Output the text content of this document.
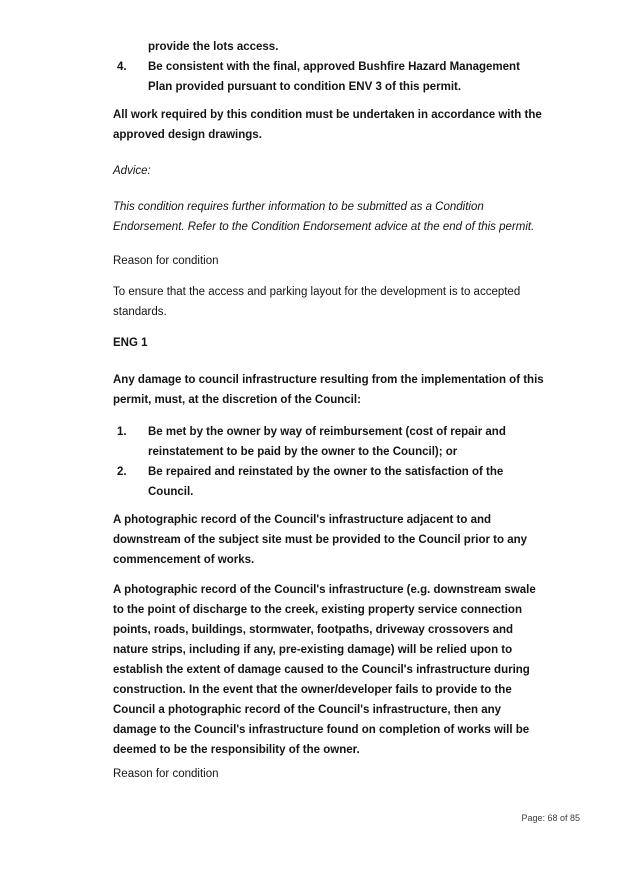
provide the lots access.
4.	Be consistent with the final, approved Bushfire Hazard Management
Plan provided pursuant to condition ENV 3 of this permit.
All work required by this condition must be undertaken in accordance with the
approved design drawings.
Advice:
This condition requires further information to be submitted as a Condition
Endorsement. Refer to the Condition Endorsement advice at the end of this permit.
Reason for condition
To ensure that the access and parking layout for the development is to accepted
standards.
ENG 1
Any damage to council infrastructure resulting from the implementation of this
permit, must, at the discretion of the Council:
1.	Be met by the owner by way of reimbursement (cost of repair and
reinstatement to be paid by the owner to the Council); or
2.	Be repaired and reinstated by the owner to the satisfaction of the
Council.
A photographic record of the Council's infrastructure adjacent to and
downstream of the subject site must be provided to the Council prior to any
commencement of works.
A photographic record of the Council's infrastructure (e.g. downstream swale
to the point of discharge to the creek, existing property service connection
points, roads, buildings, stormwater, footpaths, driveway crossovers and
nature strips, including if any, pre-existing damage) will be relied upon to
establish the extent of damage caused to the Council's infrastructure during
construction. In the event that the owner/developer fails to provide to the
Council a photographic record of the Council's infrastructure, then any
damage to the Council's infrastructure found on completion of works will be
deemed to be the responsibility of the owner.
Reason for condition
Page: 68 of 85
